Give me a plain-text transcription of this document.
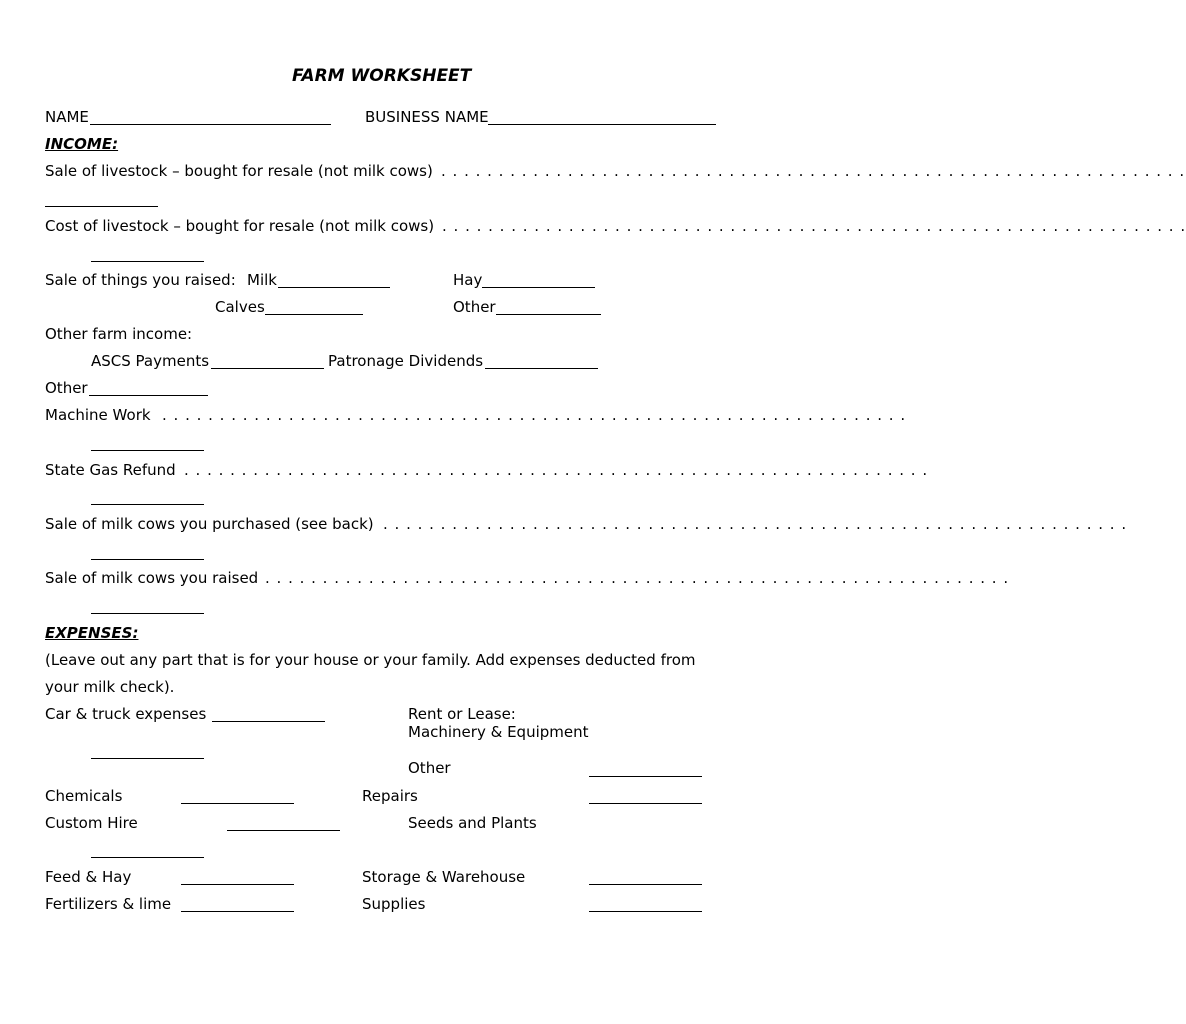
FARM WORKSHEET
NAME	BUSINESS NAME
INCOME:
Sale of livestock – bought for resale (not milk cows) . . . . . . . . . . . . . . . . . . . . . . . . . . . . . . . . . . . . . . . . . . . . . . . . . . . . . . . . . . . . . . . . .
Cost of livestock – bought for resale (not milk cows) . . . . . . . . . . . . . . . . . . . . . . . . . . . . . . . . . . . . . . . . . . . . . . . . . . . . . . . . . . . . . . . . .
Sale of things you raised: Milk	Hay
Calves	Other
Other farm income:
ASCS Payments	Patronage Dividends
Other
Machine Work . . . . . . . . . . . . . . . . . . . . . . . . . . . . . . . . . . . . . . . . . . . . . . . . . . . . . . . . . . . . . . . . .
State Gas Refund . . . . . . . . . . . . . . . . . . . . . . . . . . . . . . . . . . . . . . . . . . . . . . . . . . . . . . . . . . . . . . . . .
Sale of milk cows you purchased (see back) . . . . . . . . . . . . . . . . . . . . . . . . . . . . . . . . . . . . . . . . . . . . . . . . . . . . . . . . . . . . . . . . .
Sale of milk cows you raised . . . . . . . . . . . . . . . . . . . . . . . . . . . . . . . . . . . . . . . . . . . . . . . . . . . . . . . . . . . . . . . . .
EXPENSES:
(Leave out any part that is for your house or your family. Add expenses deducted from
your milk check).
Car & truck expenses	Rent or Lease:
Machinery & Equipment
Other
Chemicals	Repairs
Custom Hire	Seeds and Plants
Feed & Hay	Storage & Warehouse
Fertilizers & lime	Supplies
